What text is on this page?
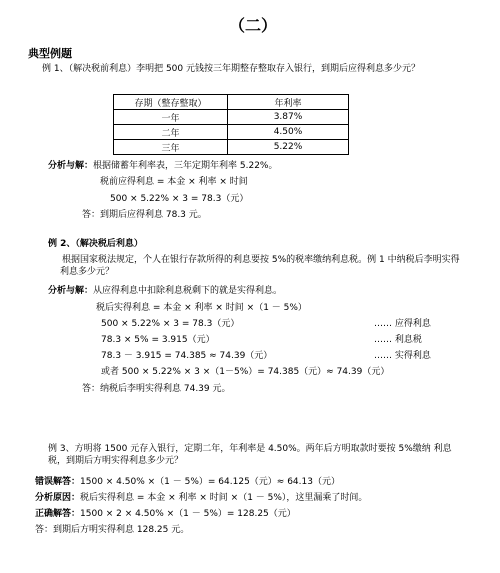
（二）
典型例题
例 1、（解决税前利息）李明把 500 元钱按三年期整存整取存入银行，到期后应得利息多少元？
存期（整存整取）	年利率
一年	3.87%
二年	4.50%
三年	5.22%
分析与解：根据储蓄年利率表，三年定期年利率 5.22%。
税前应得利息 = 本金 × 利率 × 时间
500 × 5.22% × 3 = 78.3（元）
答：到期后应得利息 78.3 元。
例 2、（解决税后利息）
根据国家税法规定，个人在银行存款所得的利息要按 5%的税率缴纳利息税。例 1 中纳税后李明实得利息多少元？
分析与解：从应得利息中扣除利息税剩下的就是实得利息。
税后实得利息 = 本金 × 利率 × 时间 ×（1 － 5%）
500 × 5.22% × 3 = 78.3（元）	…… 应得利息
78.3 × 5% = 3.915（元）	…… 利息税
78.3 － 3.915 = 74.385 ≈ 74.39（元）	…… 实得利息
或者 500 × 5.22% × 3 ×（1－5%）= 74.385（元）≈ 74.39（元）
答：纳税后李明实得利息 74.39 元。
例 3、方明将 1500 元存入银行，定期二年，年利率是 4.50%。两年后方明取款时要按 5%缴纳 利息税，到期后方明实得利息多少元？
错误解答：1500 × 4.50% ×（1 － 5%）= 64.125（元）≈ 64.13（元）
分析原因：税后实得利息 = 本金 × 利率 × 时间 ×（1 － 5%），这里漏乘了时间。
正确解答：1500 × 2 × 4.50% ×（1 － 5%）= 128.25（元）
答：到期后方明实得利息 128.25 元。
